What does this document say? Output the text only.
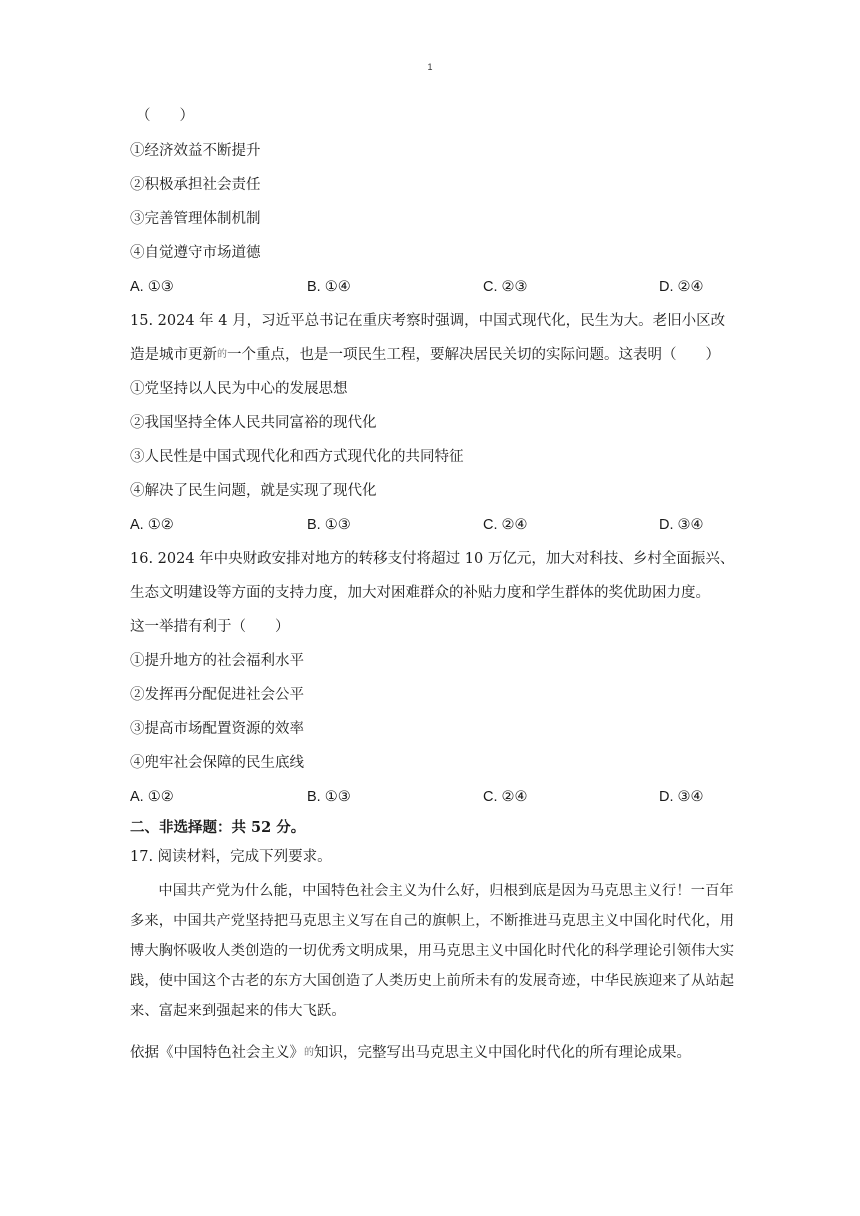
1
（　　）
①经济效益不断提升
②积极承担社会责任
③完善管理体制机制
④自觉遵守市场道德
A. ①③	B. ①④	C. ②③	D. ②④
15. 2024 年 4 月，习近平总书记在重庆考察时强调，中国式现代化，民生为大。老旧小区改
造是城市更新$^的$一个重点，也是一项民生工程，要解决居民关切的实际问题。这表明（　　）
①党坚持以人民为中心的发展思想
②我国坚持全体人民共同富裕的现代化
③人民性是中国式现代化和西方式现代化的共同特征
④解决了民生问题，就是实现了现代化
A. ①②	B. ①③	C. ②④	D. ③④
16. 2024 年中央财政安排对地方的转移支付将超过 10 万亿元，加大对科技、乡村全面振兴、
生态文明建设等方面的支持力度，加大对困难群众的补贴力度和学生群体的奖优助困力度。
这一举措有利于（　　）
①提升地方的社会福利水平
②发挥再分配促进社会公平
③提高市场配置资源的效率
④兜牢社会保障的民生底线
A. ①②	B. ①③	C. ②④	D. ③④
二、非选择题：共 52 分。
17. 阅读材料，完成下列要求。
中国共产党为什么能，中国特色社会主义为什么好，归根到底是因为马克思主义行！一百年多来，中国共产党坚持把马克思主义写在自己的旗帜上，不断推进马克思主义中国化时代化，用博大胸怀吸收人类创造的一切优秀文明成果，用马克思主义中国化时代化的科学理论引领伟大实践，使中国这个古老的东方大国创造了人类历史上前所未有的发展奇迹，中华民族迎来了从站起来、富起来到强起来的伟大飞跃。
依据《中国特色社会主义》$^的$知识，完整写出马克思主义中国化时代化的所有理论成果。
